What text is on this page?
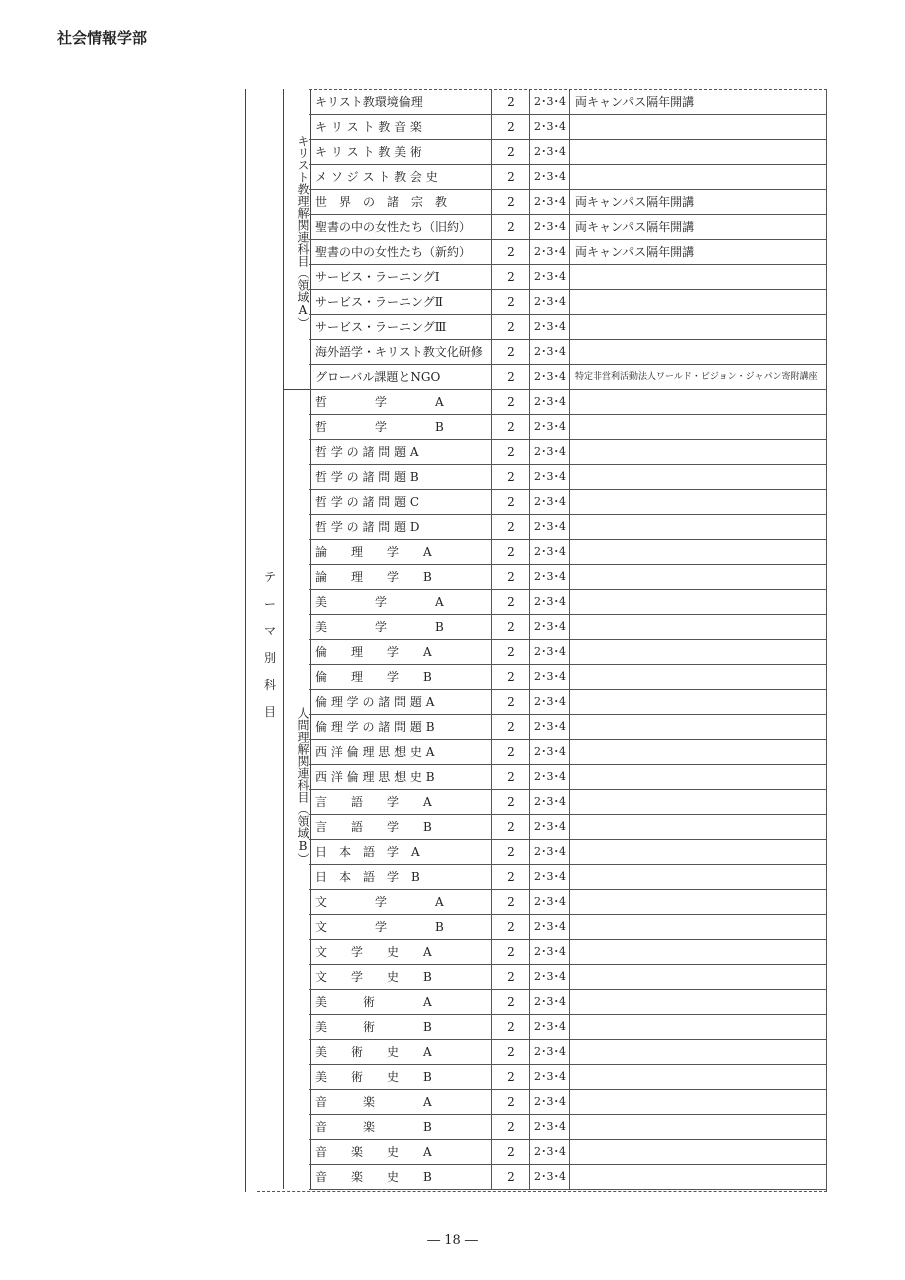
社会情報学部
テ
ー
マ
別
科
目
キリスト教理解関連科目（領域A）
人間理解関連科目（領域B）
キリスト教環境倫理	2	2･3･4 両キャンパス隔年開講
キ リ ス ト 教 音 楽	2	2･3･4
キ リ ス ト 教 美 術	2	2･3･4
メ ソ ジ ス ト 教 会 史	2	2･3･4
世　界　の　諸　宗　教	2	2･3･4 両キャンパス隔年開講
聖書の中の女性たち（旧約）	2	2･3･4 両キャンパス隔年開講
聖書の中の女性たち（新約）	2	2･3･4 両キャンパス隔年開講
サービス・ラーニングⅠ	2	2･3･4
サービス・ラーニングⅡ	2	2･3･4
サービス・ラーニングⅢ	2	2･3･4
海外語学・キリスト教文化研修	2	2･3･4
グローバル課題とNGO	2	2･3･4	特定非営利活動法人ワールド・ビジョン・ジャパン寄附講座
哲　　　　学　　　　A	2	2･3･4
哲　　　　学　　　　B	2	2･3･4
哲 学 の 諸 問 題 A	2	2･3･4
哲 学 の 諸 問 題 B	2	2･3･4
哲 学 の 諸 問 題 C	2	2･3･4
哲 学 の 諸 問 題 D	2	2･3･4
論　　理　　学　　A	2	2･3･4
論　　理　　学　　B	2	2･3･4
美　　　　学　　　　A	2	2･3･4
美　　　　学　　　　B	2	2･3･4
倫　　理　　学　　A	2	2･3･4
倫　　理　　学　　B	2	2･3･4
倫 理 学 の 諸 問 題 A	2	2･3･4
倫 理 学 の 諸 問 題 B	2	2･3･4
西 洋 倫 理 思 想 史 A	2	2･3･4
西 洋 倫 理 思 想 史 B	2	2･3･4
言　　語　　学　　A	2	2･3･4
言　　語　　学　　B	2	2･3･4
日　本　語　学　A	2	2･3･4
日　本　語　学　B	2	2･3･4
文　　　　学　　　　A	2	2･3･4
文　　　　学　　　　B	2	2･3･4
文　　学　　史　　A	2	2･3･4
文　　学　　史　　B	2	2･3･4
美　　　術　　　　A	2	2･3･4
美　　　術　　　　B	2	2･3･4
美　　術　　史　　A	2	2･3･4
美　　術　　史　　B	2	2･3･4
音　　　楽　　　　A	2	2･3･4
音　　　楽　　　　B	2	2･3･4
音　　楽　　史　　A	2	2･3･4
音　　楽　　史　　B	2	2･3･4
― 18 ―
